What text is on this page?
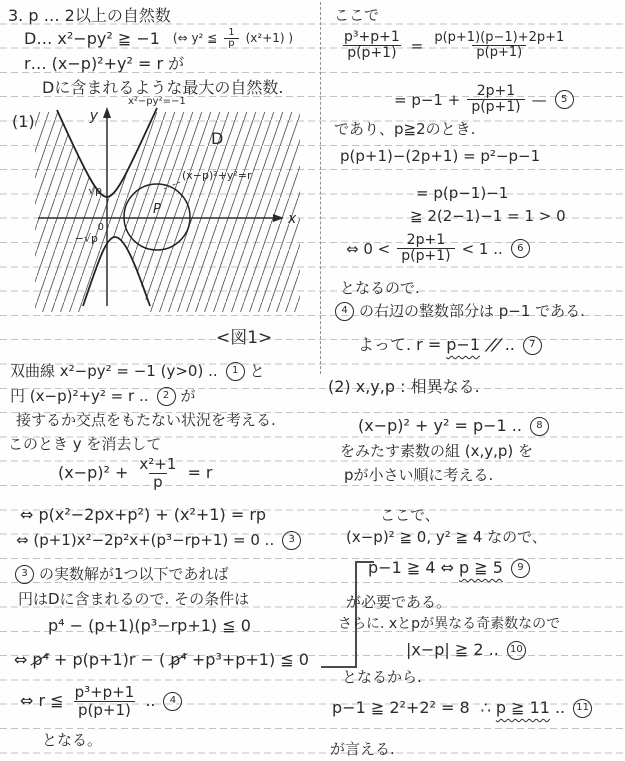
3. p … 2以上の自然数
D… x²−py² ≧ −1 (⇔ y² ≦ $\frac{1}{p} (x^2+1)$ )
r… (x−p)²+y² = r が
Dに含まれるような最大の自然数.
(1)
x²−py²=−1
y
x
√p
0
−√p
D
(x−p)²+y²=r
P
<図1>
双曲線 x²−py² = −1 (y>0) ..	1 と
円 (x−p)²+y² = r ..	2 が
接するか交点をもたない状況を考える.
このとき y を消去して
$(x-p)^2 + \frac{\text{x²+1}}{p} = r$
⇔ p(x²−2px+p²) + (x²+1) = rp
⇔ (p+1)x²−2p²x+(p³−rp+1) = 0 ..	3
3 の実数解が1つ以下であれば
円はDに含まれるので. その条件は
p⁴ − (p+1)(p³−rp+1) ≦ 0
⇔ p⁴ + p(p+1)r − ( p⁴ +p³+p+1) ≦ 0
⇔ r ≦ $\frac{\text{p³+p+1}}{p(p+1)}$ ..	4
となる。
ここで
$\frac{\text{p³+p+1}}{p(p+1)} = \frac{p(p+1)(p-1)+2p+1}{p(p+1)}$
= $p-1 + \frac{2p+1}{p(p+1)}$ —	5
であり、p≧2のとき.
p(p+1)−(2p+1) = p²−p−1
= p(p−1)−1
≧ 2(2−1)−1 = 1 > 0
⇔ $0 < \frac{2p+1}{p(p+1)} < 1$ ..	6
となるので.
4 の右辺の整数部分は p−1 である.
よって. r = p−1 // ..	7
(2) x,y,p : 相異なる.
(x−p)² + y² = p−1 ..	8
をみたす素数の組 (x,y,p) を
pが小さい順に考える.
ここで、
(x−p)² ≧ 0, y² ≧ 4 なので、
p−1 ≧ 4 ⇔ p ≧ 5	9
が必要である。
さらに. xとpが異なる奇素数なので
|x−p| ≧ 2 ..	10
となるから.
p−1 ≧ 2²+2² = 8 ∴ p ≧ 11 ..	11
が言える.
